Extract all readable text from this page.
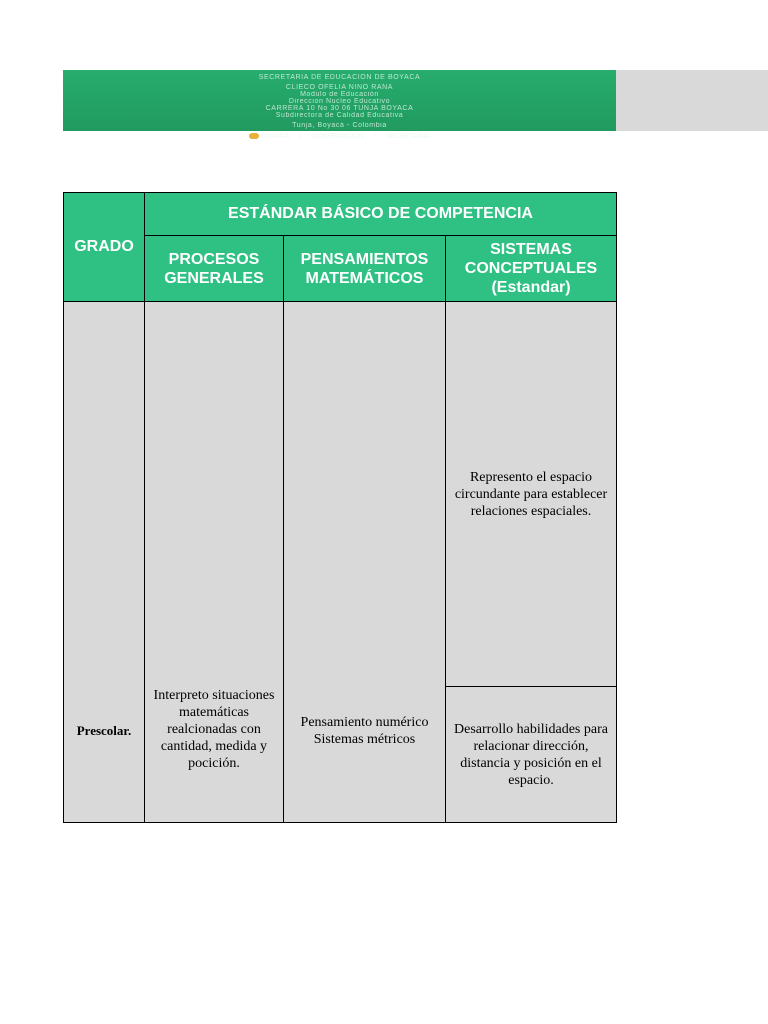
SECRETARIA DE EDUCACION DE BOYACA
CLIECO OFELIA NINO RANA
Modulo de Educación
Direccion Nucleo Educativo
CARRERA 10 No 30 06 TUNJA BOYACA
Subdirectora de Calidad Educativa
Tunja, Boyacá - Colombia
BOYACA | GOBERNACION / SECRETARIA
GRADO	ESTÁNDAR BÁSICO DE COMPETENCIA		

	PROCESOS GENERALES	PENSAMIENTOS MATEMÁTICOS	SISTEMAS CONCEPTUALES (Estandar)

Prescolar.	Interpreto situaciones matemáticas realcionadas con cantidad, medida y pocición.	Pensamiento numérico Sistemas métricos	Represento el espacio circundante para establecer relaciones espaciales.

			Desarrollo habilidades para relacionar dirección, distancia y posición en el espacio.
